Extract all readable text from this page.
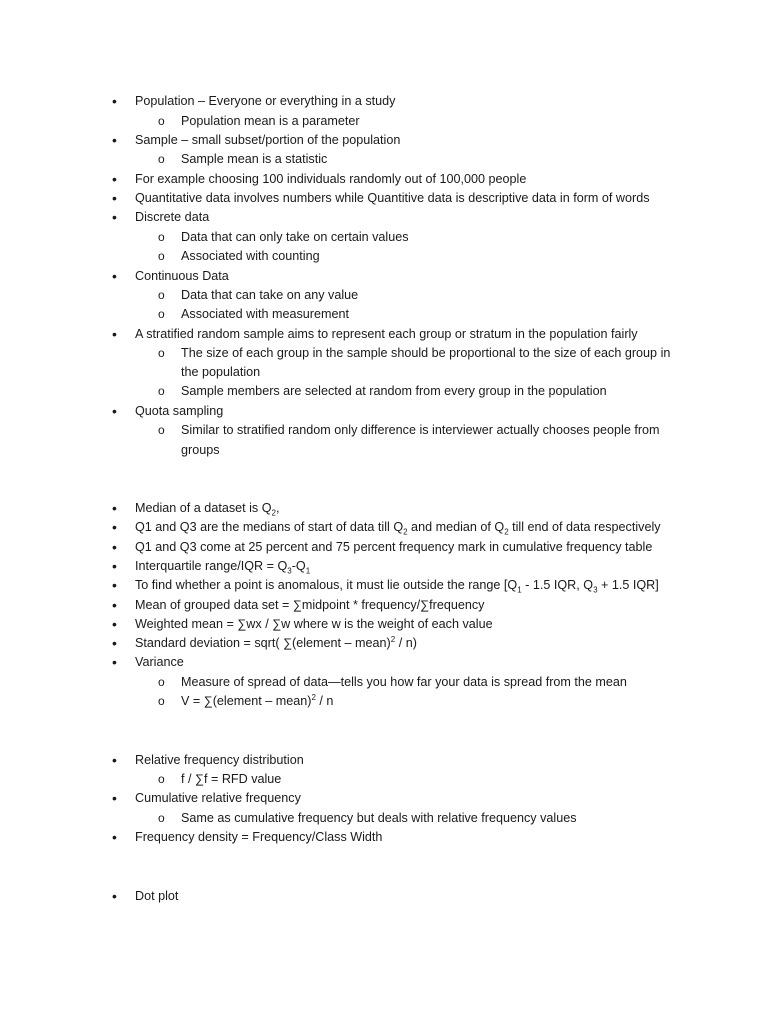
• Population – Everyone or everything in a study
o Population mean is a parameter
• Sample – small subset/portion of the population
o Sample mean is a statistic
• For example choosing 100 individuals randomly out of 100,000 people
• Quantitative data involves numbers while Quantitive data is descriptive data in form of words
• Discrete data
o Data that can only take on certain values
o Associated with counting
• Continuous Data
o Data that can take on any value
o Associated with measurement
• A stratified random sample aims to represent each group or stratum in the population fairly
o The size of each group in the sample should be proportional to the size of each group in
the population
o Sample members are selected at random from every group in the population
• Quota sampling
o Similar to stratified random only difference is interviewer actually chooses people from
groups
• Median of a dataset is $Q_2$,
• Q1 and Q3 are the medians of start of data till $Q_2$ and median of $Q_2$ till end of data respectively
• Q1 and Q3 come at 25 percent and 75 percent frequency mark in cumulative frequency table
• Interquartile range/IQR = $Q_3-Q_1$
• To find whether a point is anomalous, it must lie outside the range [$Q_1 - 1.5$ IQR, $Q_3 + 1.5$ IQR]
• Mean of grouped data set = ∑midpoint * frequency/∑frequency
• Weighted mean = ∑wx / ∑w where w is the weight of each value
• Standard deviation = sqrt( ∑(element – mean)$^2$ / n)
• Variance
o Measure of spread of data—tells you how far your data is spread from the mean
o V = ∑(element – mean)$^2$ / n
• Relative frequency distribution
o f / ∑f = RFD value
• Cumulative relative frequency
o Same as cumulative frequency but deals with relative frequency values
• Frequency density = Frequency/Class Width
• Dot plot
